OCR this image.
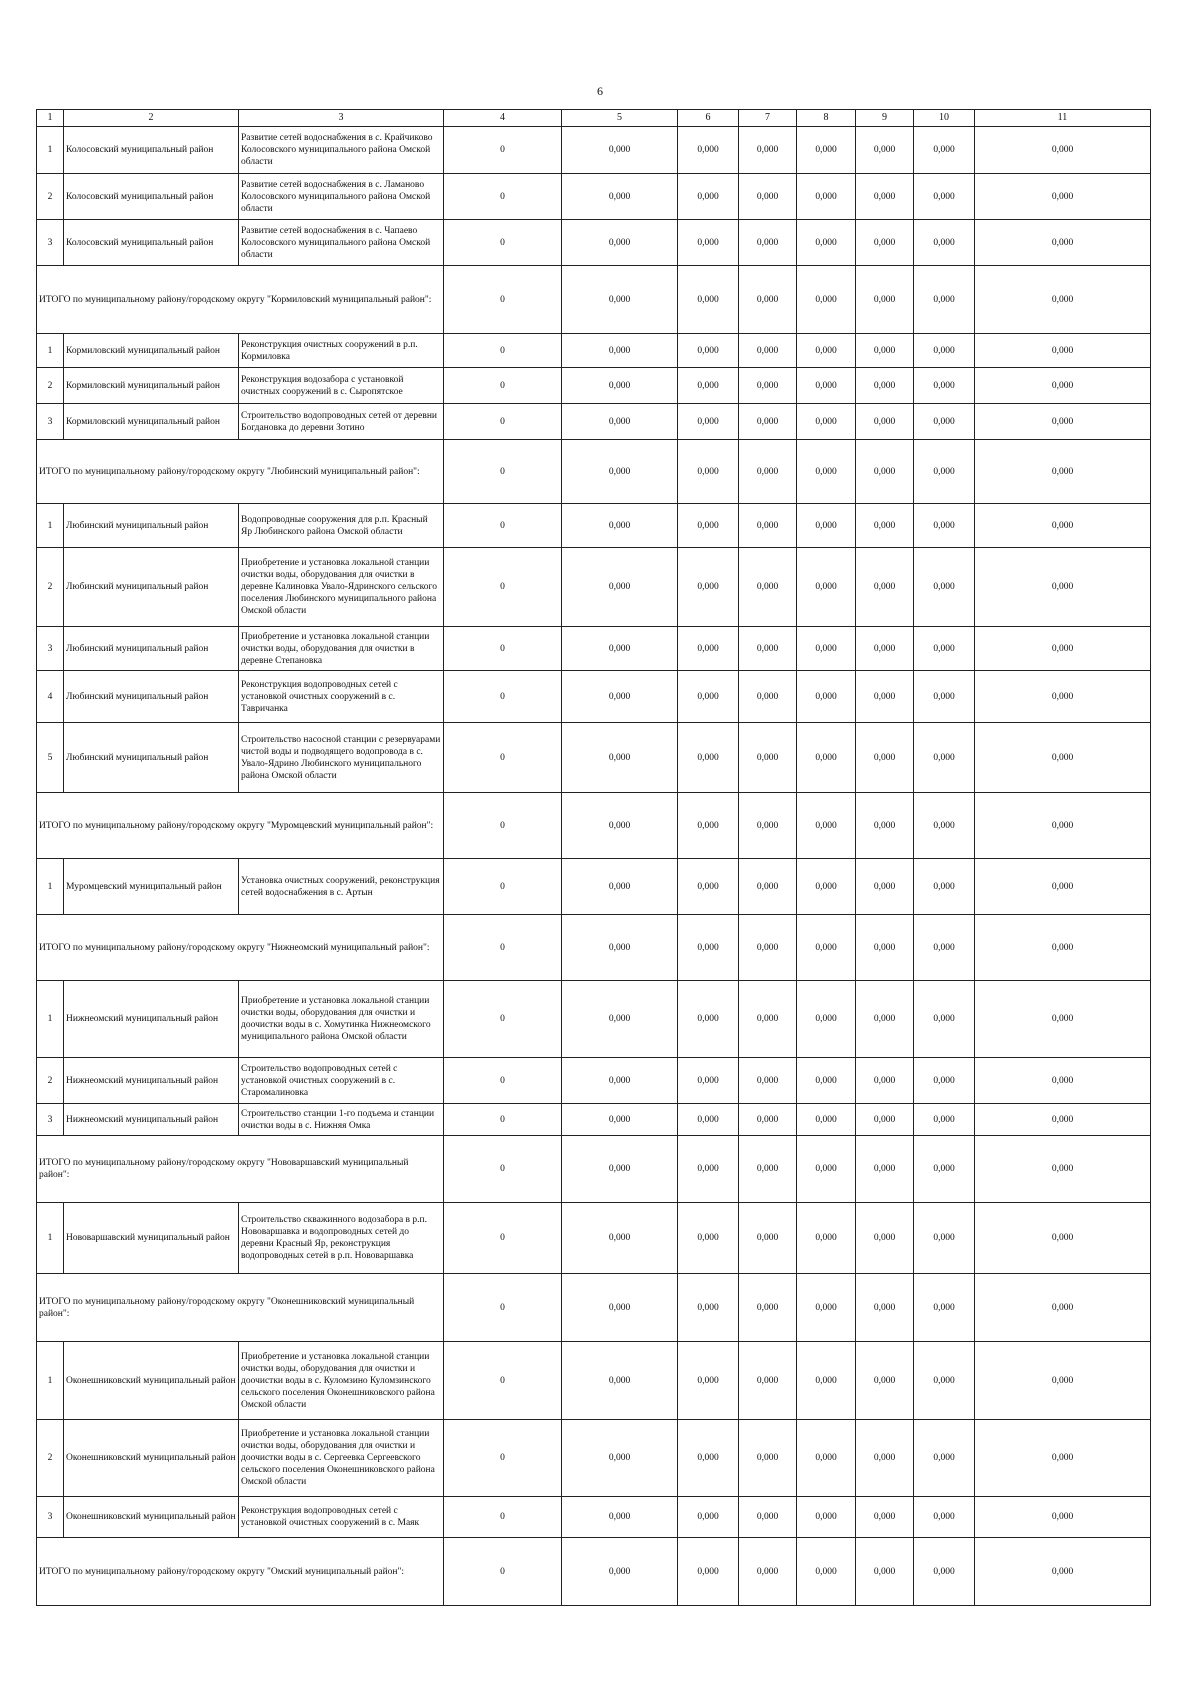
6
1	2	3	4	5	6	7	8	9	10	11
1	Колосовский муниципальный район	Развитие сетей водоснабжения в с. Крайчиково Колосовского муниципального района Омской области	0	0,000	0,000	0,000	0,000	0,000	0,000	0,000
2	Колосовский муниципальный район	Развитие сетей водоснабжения в с. Ламаново Колосовского муниципального района Омской области	0	0,000	0,000	0,000	0,000	0,000	0,000	0,000
3	Колосовский муниципальный район	Развитие сетей водоснабжения в с. Чапаево Колосовского муниципального района Омской области	0	0,000	0,000	0,000	0,000	0,000	0,000	0,000
ИТОГО по муниципальному району/городскому округу "Кормиловский муниципальный район":			0	0,000	0,000	0,000	0,000	0,000	0,000	0,000
1	Кормиловский муниципальный район	Реконструкция очистных сооружений в р.п. Кормиловка	0	0,000	0,000	0,000	0,000	0,000	0,000	0,000
2	Кормиловский муниципальный район	Реконструкция водозабора с установкой очистных сооружений в с. Сыропятское	0	0,000	0,000	0,000	0,000	0,000	0,000	0,000
3	Кормиловский муниципальный район	Строительство водопроводных сетей от деревни Богдановка до деревни Зотино	0	0,000	0,000	0,000	0,000	0,000	0,000	0,000
ИТОГО по муниципальному району/городскому округу "Любинский муниципальный район":			0	0,000	0,000	0,000	0,000	0,000	0,000	0,000
1	Любинский муниципальный район	Водопроводные сооружения для р.п. Красный Яр Любинского района Омской области	0	0,000	0,000	0,000	0,000	0,000	0,000	0,000
2	Любинский муниципальный район	Приобретение и установка локальной станции очистки воды, оборудования для очистки в деревне Калиновка Увало-Ядринского сельского поселения Любинского муниципального района Омской области	0	0,000	0,000	0,000	0,000	0,000	0,000	0,000
3	Любинский муниципальный район	Приобретение и установка локальной станции очистки воды, оборудования для очистки в деревне Степановка	0	0,000	0,000	0,000	0,000	0,000	0,000	0,000
4	Любинский муниципальный район	Реконструкция водопроводных сетей с установкой очистных сооружений в с. Тавричанка	0	0,000	0,000	0,000	0,000	0,000	0,000	0,000
5	Любинский муниципальный район	Строительство насосной станции с резервуарами чистой воды и подводящего водопровода в с. Увало-Ядрино Любинского муниципального района Омской области	0	0,000	0,000	0,000	0,000	0,000	0,000	0,000
ИТОГО по муниципальному району/городскому округу "Муромцевский муниципальный район":			0	0,000	0,000	0,000	0,000	0,000	0,000	0,000
1	Муромцевский муниципальный район	Установка очистных сооружений, реконструкция сетей водоснабжения в с. Артын	0	0,000	0,000	0,000	0,000	0,000	0,000	0,000
ИТОГО по муниципальному району/городскому округу "Нижнеомский муниципальный район":			0	0,000	0,000	0,000	0,000	0,000	0,000	0,000
1	Нижнеомский муниципальный район	Приобретение и установка локальной станции очистки воды, оборудования для очистки и доочистки воды в с. Хомутинка Нижнеомского муниципального района Омской области	0	0,000	0,000	0,000	0,000	0,000	0,000	0,000
2	Нижнеомский муниципальный район	Строительство водопроводных сетей с установкой очистных сооружений в с. Старомалиновка	0	0,000	0,000	0,000	0,000	0,000	0,000	0,000
3	Нижнеомский муниципальный район	Строительство станции 1-го подъема и станции очистки воды в с. Нижняя Омка	0	0,000	0,000	0,000	0,000	0,000	0,000	0,000
ИТОГО по муниципальному району/городскому округу "Нововаршавский муниципальный район":			0	0,000	0,000	0,000	0,000	0,000	0,000	0,000
1	Нововаршавский муниципальный район	Строительство скважинного водозабора в р.п. Нововаршавка и водопроводных сетей до деревни Красный Яр, реконструкция водопроводных сетей в р.п. Нововаршавка	0	0,000	0,000	0,000	0,000	0,000	0,000	0,000
ИТОГО по муниципальному району/городскому округу "Оконешниковский муниципальный район":			0	0,000	0,000	0,000	0,000	0,000	0,000	0,000
1	Оконешниковский муниципальный район	Приобретение и установка локальной станции очистки воды, оборудования для очистки и доочистки воды в с. Куломзино Куломзинского сельского поселения Оконешниковского района Омской области	0	0,000	0,000	0,000	0,000	0,000	0,000	0,000
2	Оконешниковский муниципальный район	Приобретение и установка локальной станции очистки воды, оборудования для очистки и доочистки воды в с. Сергеевка Сергеевского сельского поселения Оконешниковского района Омской области	0	0,000	0,000	0,000	0,000	0,000	0,000	0,000
3	Оконешниковский муниципальный район	Реконструкция водопроводных сетей с установкой очистных сооружений в с. Маяк	0	0,000	0,000	0,000	0,000	0,000	0,000	0,000
ИТОГО по муниципальному району/городскому округу "Омский муниципальный район":			0	0,000	0,000	0,000	0,000	0,000	0,000	0,000
